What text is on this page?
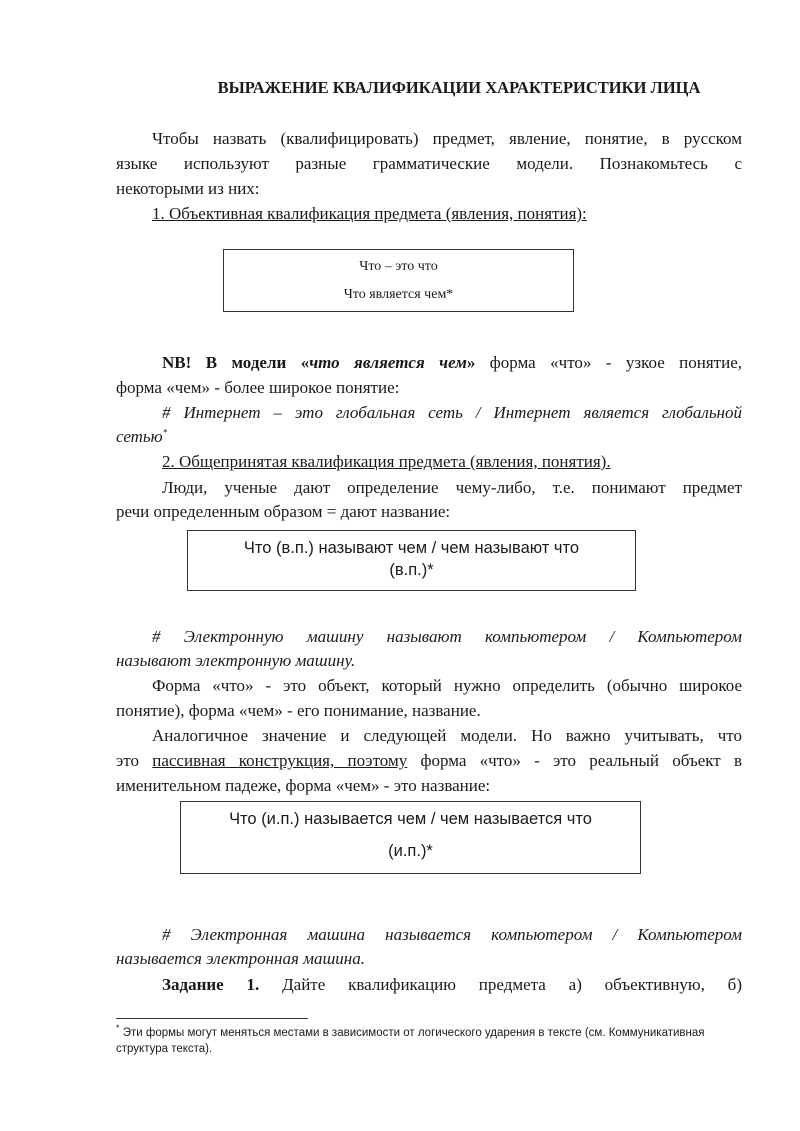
ВЫРАЖЕНИЕ КВАЛИФИКАЦИИ ХАРАКТЕРИСТИКИ ЛИЦА
Чтобы назвать (квалифицировать) предмет, явление, понятие, в русском
языке используют разные грамматические модели. Познакомьтесь с
некоторыми из них:
1. Объективная квалификация предмета (явления, понятия):
Что – это что
Что является чем*
NB! В модели «что является чем» форма «что» - узкое понятие,
форма «чем» - более широкое понятие:
# Интернет – это глобальная сеть / Интернет является глобальной
сетью*
2. Общепринятая квалификация предмета (явления, понятия).
Люди, ученые дают определение чему-либо, т.е. понимают предмет
речи определенным образом = дают название:
Что (в.п.) называют чем / чем называют что
(в.п.)*
# Электронную машину называют компьютером / Компьютером
называют электронную машину.
Форма «что» - это объект, который нужно определить (обычно широкое
понятие), форма «чем» - его понимание, название.
Аналогичное значение и следующей модели. Но важно учитывать, что
это пассивная конструкция, поэтому форма «что» - это реальный объект в
именительном падеже, форма «чем» - это название:
Что (и.п.) называется чем / чем называется что
(и.п.)*
# Электронная машина называется компьютером / Компьютером
называется электронная машина.
Задание 1. Дайте квалификацию предмета а) объективную, б)
* Эти формы могут меняться местами в зависимости от логического ударения в тексте (см. Коммуникативная
структура текста).
